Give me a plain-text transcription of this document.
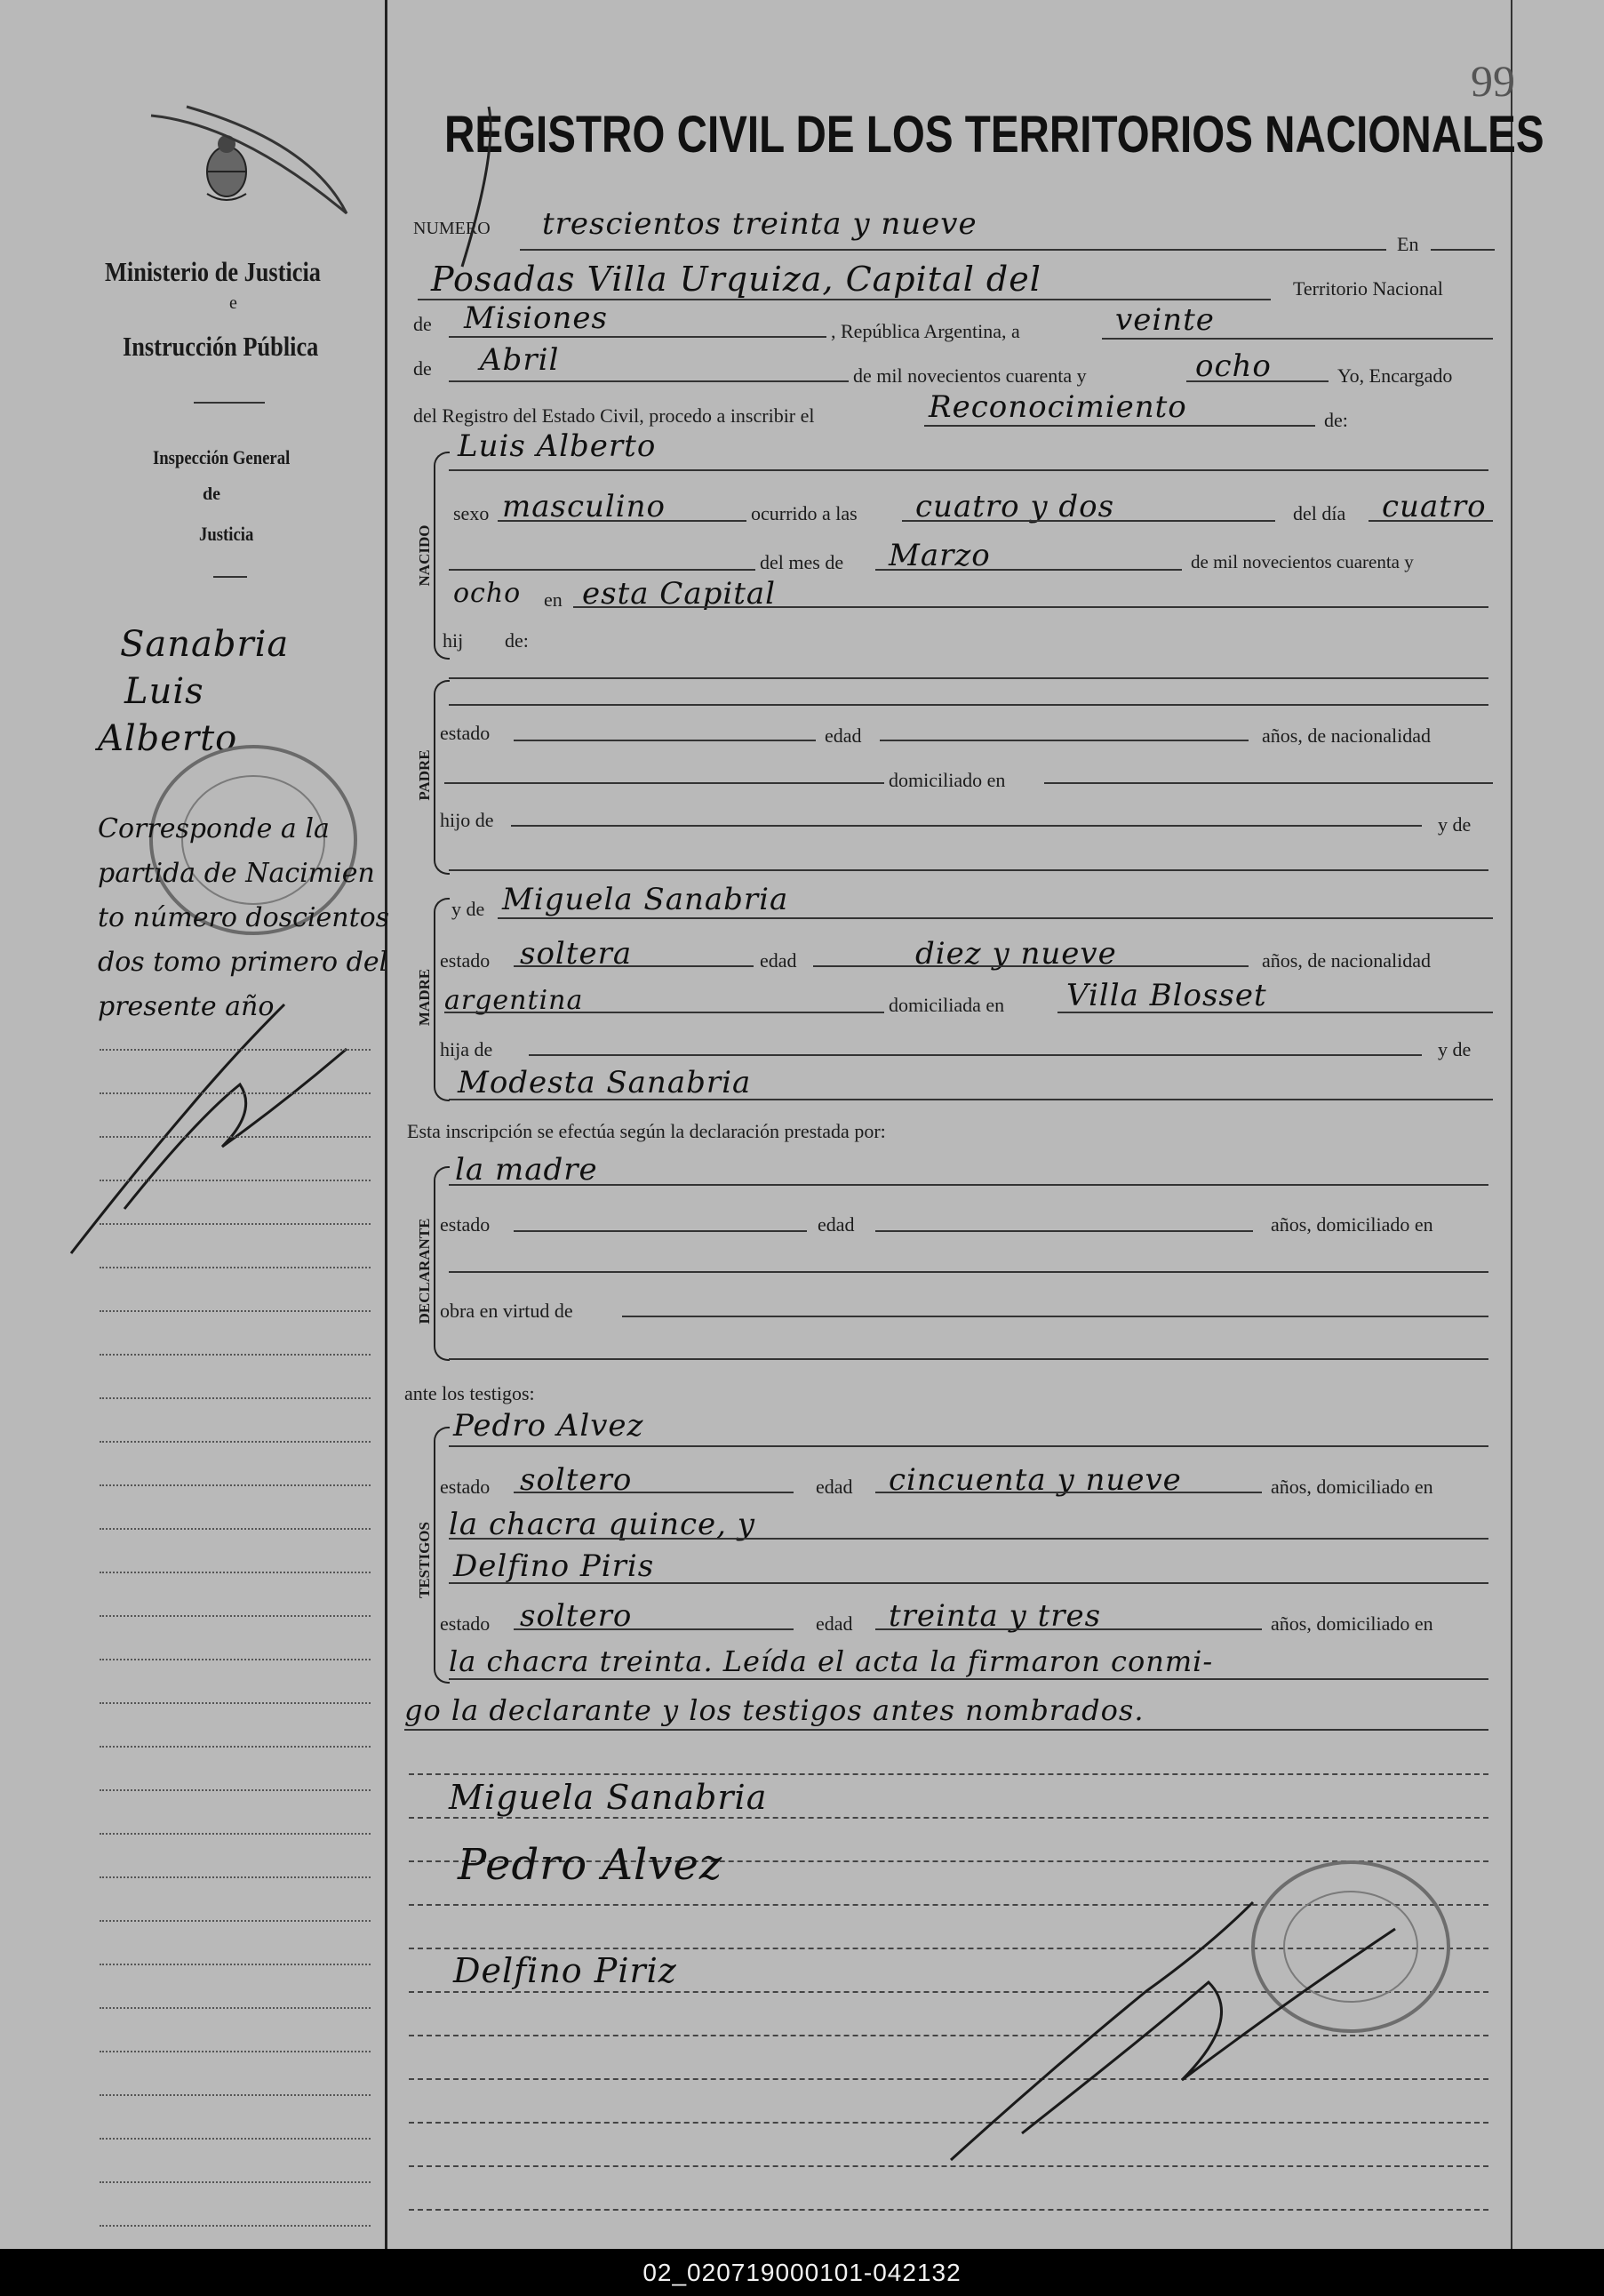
99
Ministerio de Justicia
e
Instrucción Pública
Inspección General
de
Justicia
Sanabria
Luis
Alberto
Corresponde a la
partida de Nacimien
to número doscientos
dos tomo primero del
presente año
REGISTRO CIVIL DE LOS TERRITORIOS NACIONALES
NUMERO trescientos treinta y nueve
En
Posadas Villa Urquiza, Capital del	Territorio Nacional
de Misiones	, República Argentina, a	veinte
de Abril	de mil novecientos cuarenta y	ocho	Yo, Encargado
del Registro del Estado Civil, procedo a inscribir el	Reconocimiento	de:
NACIDO
Luis Alberto
sexo masculino	ocurrido a las cuatro y dos	del día cuatro
del mes de Marzo	de mil novecientos cuarenta y
ocho en esta Capital
hij de:
PADRE
estado	edad	años, de nacionalidad
domiciliado en
hijo de	y de
MADRE
y de Miguela Sanabria
estado soltera	edad	diez y nueve	años, de nacionalidad
argentina	domiciliada en Villa Blosset
hija de	y de
Modesta Sanabria
Esta inscripción se efectúa según la declaración prestada por:
DECLARANTE
la madre
estado	edad	años, domiciliado en
obra en virtud de
ante los testigos:
TESTIGOS
Pedro Alvez
estado soltero	edad cincuenta y nueve	años, domiciliado en
la chacra quince, y
Delfino Piris
estado soltero	edad treinta y tres	años, domiciliado en
la chacra treinta. Leída el acta la firmaron conmi-
go la declarante y los testigos antes nombrados.
Miguela Sanabria
Pedro Alvez
Delfino Piriz
02_020719000101-042132
